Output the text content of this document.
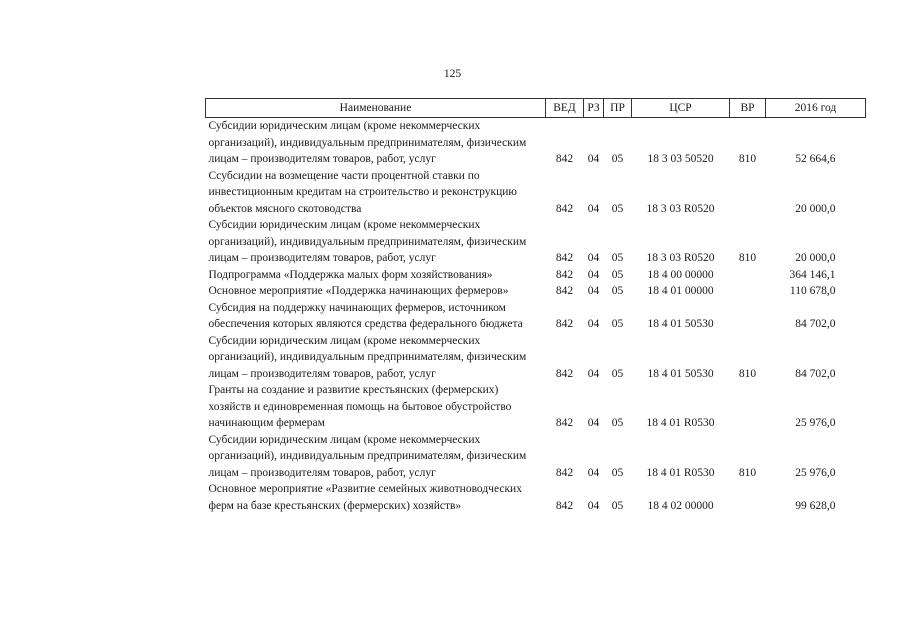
125
Наименование	ВЕД	РЗ	ПР	ЦСР	ВР	2016 год
Субсидии юридическим лицам (кроме некоммерческих организаций), индивидуальным предпринимателям, физическим лицам – производителям товаров, работ, услуг	842	04	05	18 3 03 50520	810	52 664,6
Ссубсидии на возмещение части процентной ставки по инвестиционным кредитам на строительство и реконструкцию объектов мясного скотоводства	842	04	05	18 3 03 R0520		20 000,0
Субсидии юридическим лицам (кроме некоммерческих организаций), индивидуальным предпринимателям, физическим лицам – производителям товаров, работ, услуг	842	04	05	18 3 03 R0520	810	20 000,0
Подпрограмма «Поддержка малых форм хозяйствования»	842	04	05	18 4 00 00000		364 146,1
Основное мероприятие «Поддержка начинающих фермеров»	842	04	05	18 4 01 00000		110 678,0
Субсидия на поддержку начинающих фермеров, источником обеспечения которых являются средства федерального бюджета	842	04	05	18 4 01 50530		84 702,0
Субсидии юридическим лицам (кроме некоммерческих организаций), индивидуальным предпринимателям, физическим лицам – производителям товаров, работ, услуг	842	04	05	18 4 01 50530	810	84 702,0
Гранты на создание и развитие крестьянских (фермерских) хозяйств и единовременная помощь на бытовое обустройство начинающим фермерам	842	04	05	18 4 01 R0530		25 976,0
Субсидии юридическим лицам (кроме некоммерческих организаций), индивидуальным предпринимателям, физическим лицам – производителям товаров, работ, услуг	842	04	05	18 4 01 R0530	810	25 976,0
Основное мероприятие «Развитие семейных животноводческих ферм на базе крестьянских (фермерских) хозяйств»	842	04	05	18 4 02 00000		99 628,0
